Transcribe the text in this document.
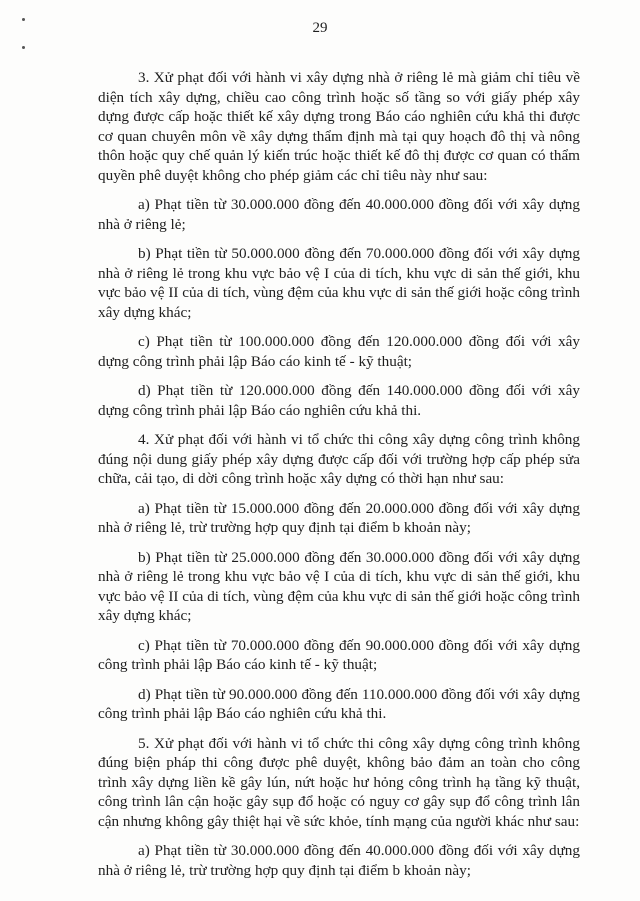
29

3. Xử phạt đối với hành vi xây dựng nhà ở riêng lẻ mà giảm chỉ tiêu về diện tích xây dựng, chiều cao công trình hoặc số tầng so với giấy phép xây dựng được cấp hoặc thiết kế xây dựng trong Báo cáo nghiên cứu khả thi được cơ quan chuyên môn về xây dựng thẩm định mà tại quy hoạch đô thị và nông thôn hoặc quy chế quản lý kiến trúc hoặc thiết kế đô thị được cơ quan có thẩm quyền phê duyệt không cho phép giảm các chỉ tiêu này như sau:

a) Phạt tiền từ 30.000.000 đồng đến 40.000.000 đồng đối với xây dựng nhà ở riêng lẻ;

b) Phạt tiền từ 50.000.000 đồng đến 70.000.000 đồng đối với xây dựng nhà ở riêng lẻ trong khu vực bảo vệ I của di tích, khu vực di sản thế giới, khu vực bảo vệ II của di tích, vùng đệm của khu vực di sản thế giới hoặc công trình xây dựng khác;

c) Phạt tiền từ 100.000.000 đồng đến 120.000.000 đồng đối với xây dựng công trình phải lập Báo cáo kinh tế - kỹ thuật;

d) Phạt tiền từ 120.000.000 đồng đến 140.000.000 đồng đối với xây dựng công trình phải lập Báo cáo nghiên cứu khả thi.

4. Xử phạt đối với hành vi tổ chức thi công xây dựng công trình không đúng nội dung giấy phép xây dựng được cấp đối với trường hợp cấp phép sửa chữa, cải tạo, di dời công trình hoặc xây dựng có thời hạn như sau:

a) Phạt tiền từ 15.000.000 đồng đến 20.000.000 đồng đối với xây dựng nhà ở riêng lẻ, trừ trường hợp quy định tại điểm b khoản này;

b) Phạt tiền từ 25.000.000 đồng đến 30.000.000 đồng đối với xây dựng nhà ở riêng lẻ trong khu vực bảo vệ I của di tích, khu vực di sản thế giới, khu vực bảo vệ II của di tích, vùng đệm của khu vực di sản thế giới hoặc công trình xây dựng khác;

c) Phạt tiền từ 70.000.000 đồng đến 90.000.000 đồng đối với xây dựng công trình phải lập Báo cáo kinh tế - kỹ thuật;

d) Phạt tiền từ 90.000.000 đồng đến 110.000.000 đồng đối với xây dựng công trình phải lập Báo cáo nghiên cứu khả thi.

5. Xử phạt đối với hành vi tổ chức thi công xây dựng công trình không đúng biện pháp thi công được phê duyệt, không bảo đảm an toàn cho công trình xây dựng liền kề gây lún, nứt hoặc hư hỏng công trình hạ tầng kỹ thuật, công trình lân cận hoặc gây sụp đổ hoặc có nguy cơ gây sụp đổ công trình lân cận nhưng không gây thiệt hại về sức khỏe, tính mạng của người khác như sau:

a) Phạt tiền từ 30.000.000 đồng đến 40.000.000 đồng đối với xây dựng nhà ở riêng lẻ, trừ trường hợp quy định tại điểm b khoản này;
